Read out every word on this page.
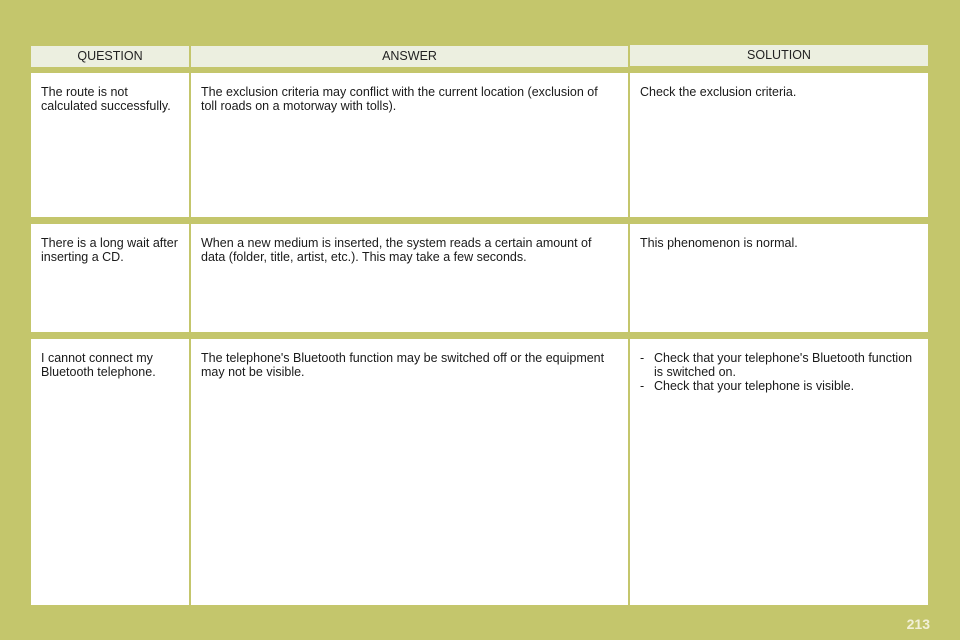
QUESTION	ANSWER	SOLUTION
The route is not calculated successfully.
The exclusion criteria may conflict with the current location (exclusion of toll roads on a motorway with tolls).
Check the exclusion criteria.
There is a long wait after inserting a CD.
When a new medium is inserted, the system reads a certain amount of data (folder, title, artist, etc.). This may take a few seconds.
This phenomenon is normal.
I cannot connect my Bluetooth telephone.
The telephone's Bluetooth function may be switched off or the equipment may not be visible.
- Check that your telephone's Bluetooth function is switched on.
- Check that your telephone is visible.
213
